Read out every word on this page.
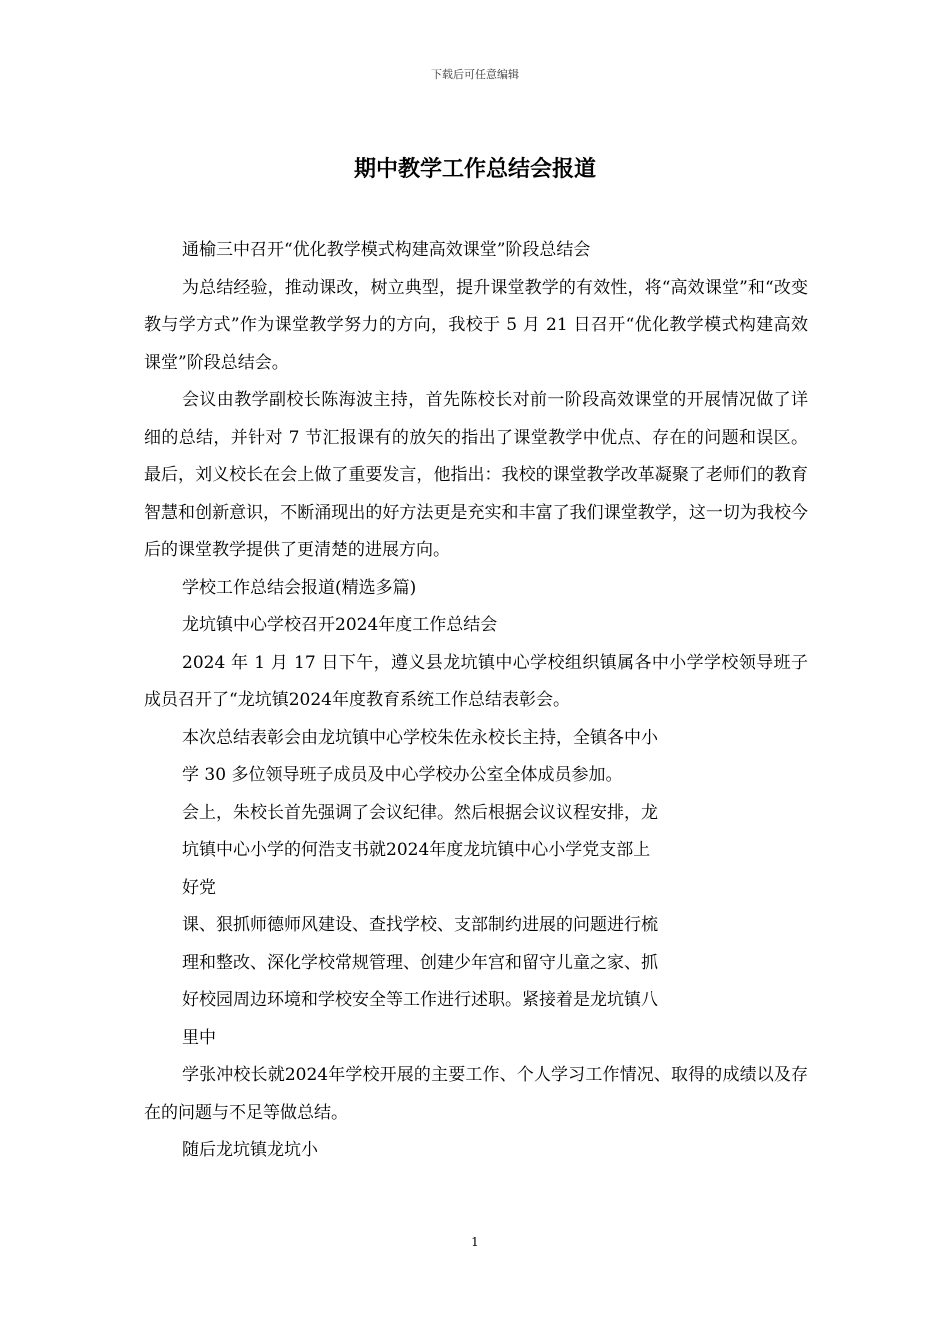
下载后可任意编辑
期中教学工作总结会报道

通榆三中召开“优化教学模式构建高效课堂”阶段总结会

为总结经验，推动课改，树立典型，提升课堂教学的有效性，将“高效课堂”和“改变教与学方式”作为课堂教学努力的方向，我校于 5 月 21 日召开“优化教学模式构建高效课堂”阶段总结会。

会议由教学副校长陈海波主持，首先陈校长对前一阶段高效课堂的开展情况做了详细的总结，并针对 7 节汇报课有的放矢的指出了课堂教学中优点、存在的问题和误区。最后，刘义校长在会上做了重要发言，他指出：我校的课堂教学改革凝聚了老师们的教育智慧和创新意识，不断涌现出的好方法更是充实和丰富了我们课堂教学，这一切为我校今后的课堂教学提供了更清楚的进展方向。

学校工作总结会报道(精选多篇)

龙坑镇中心学校召开2024年度工作总结会

2024 年 1 月 17 日下午，遵义县龙坑镇中心学校组织镇属各中小学学校领导班子成员召开了“龙坑镇2024年度教育系统工作总结表彰会。

本次总结表彰会由龙坑镇中心学校朱佐永校长主持，全镇各中小
学 30 多位领导班子成员及中心学校办公室全体成员参加。
会上，朱校长首先强调了会议纪律。然后根据会议议程安排，龙
坑镇中心小学的何浩支书就2024年度龙坑镇中心小学党支部上
好党
课、狠抓师德师风建设、查找学校、支部制约进展的问题进行梳
理和整改、深化学校常规管理、创建少年宫和留守儿童之家、抓
好校园周边环境和学校安全等工作进行述职。紧接着是龙坑镇八
里中

学张冲校长就2024年学校开展的主要工作、个人学习工作情况、取得的成绩以及存在的问题与不足等做总结。

随后龙坑镇龙坑小

1
